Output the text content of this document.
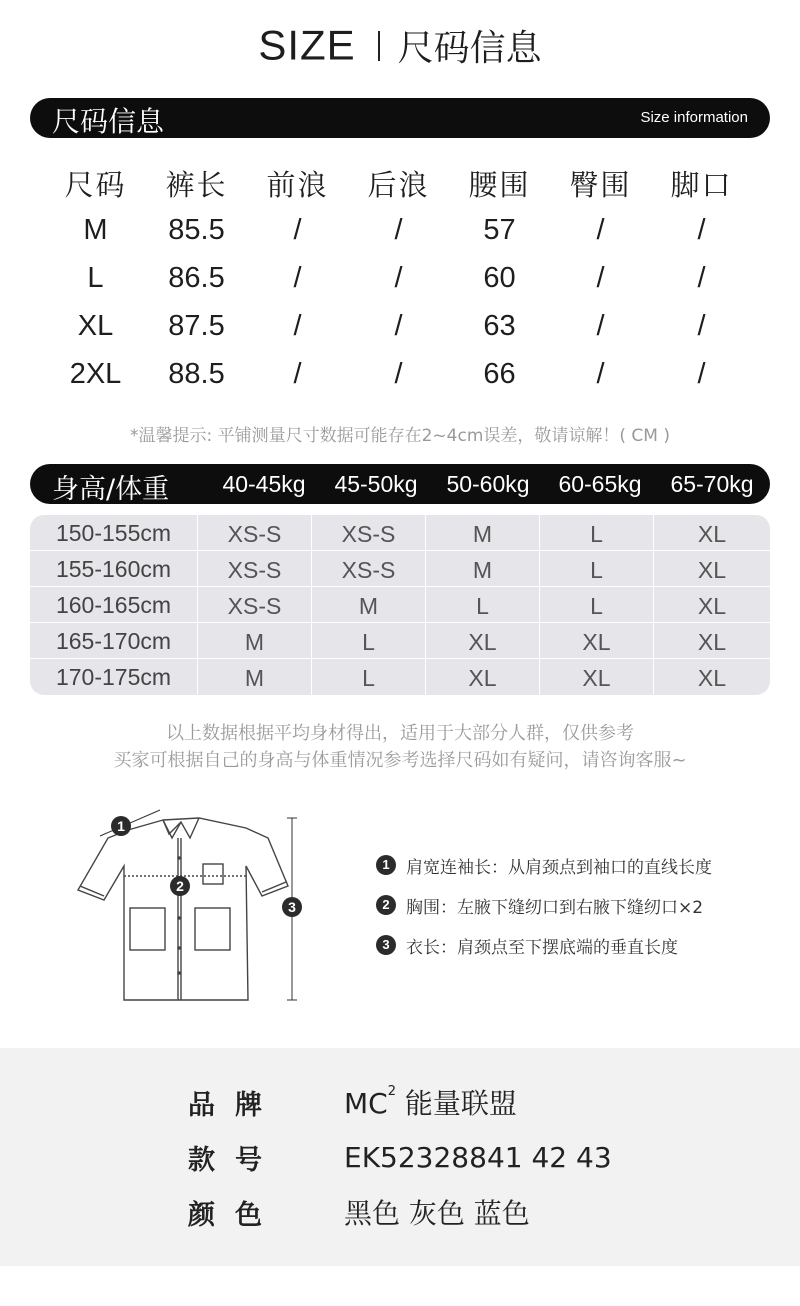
SIZE 尺码信息
尺码信息	Size information
尺码	裤长	前浪	后浪	腰围	臀围	脚口
M	85.5	/	/	57	/	/
L	86.5	/	/	60	/	/
XL	87.5	/	/	63	/	/
2XL	88.5	/	/	66	/	/
*温馨提示: 平铺测量尺寸数据可能存在2~4cm误差，敬请谅解！( CM )
身高/体重	40-45kg	45-50kg	50-60kg	60-65kg	65-70kg
150-155cm	XS-S	XS-S	M	L	XL
155-160cm	XS-S	XS-S	M	L	XL
160-165cm	XS-S	M	L	L	XL
165-170cm	M	L	XL	XL	XL
170-175cm	M	L	XL	XL	XL
以上数据根据平均身材得出，适用于大部分人群，仅供参考
买家可根据自己的身高与体重情况参考选择尺码如有疑问，请咨询客服~
1
2
3
1 肩宽连袖长：从肩颈点到袖口的直线长度
2 胸围：左腋下缝纫口到右腋下缝纫口×2
3 衣长：肩颈点至下摆底端的垂直长度
品牌	$MC^2$ 能量联盟
款号	EK52328841 42 43
颜色	黑色 灰色 蓝色
